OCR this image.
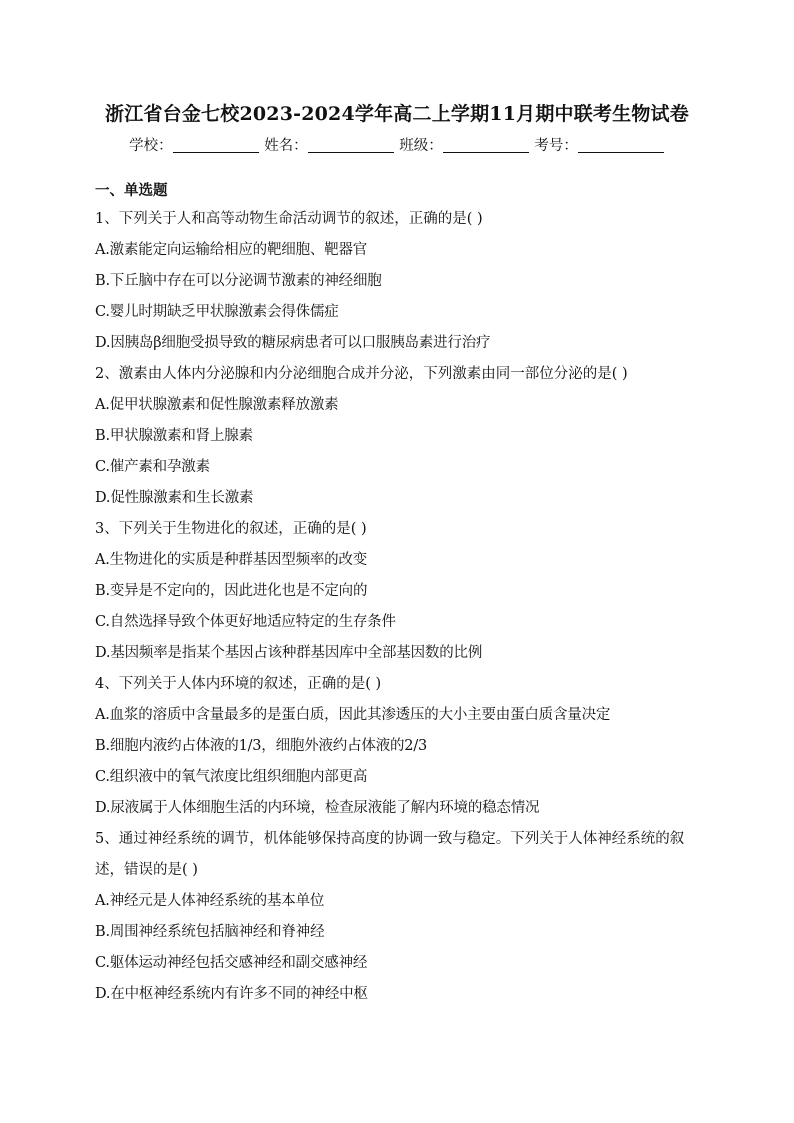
浙江省台金七校2023-2024学年高二上学期11月期中联考生物试卷
学校：	姓名：	班级：	考号：
一、单选题
1、下列关于人和高等动物生命活动调节的叙述，正确的是( )
A.激素能定向运输给相应的靶细胞、靶器官
B.下丘脑中存在可以分泌调节激素的神经细胞
C.婴儿时期缺乏甲状腺激素会得侏儒症
D.因胰岛β细胞受损导致的糖尿病患者可以口服胰岛素进行治疗
2、激素由人体内分泌腺和内分泌细胞合成并分泌，下列激素由同一部位分泌的是( )
A.促甲状腺激素和促性腺激素释放激素
B.甲状腺激素和肾上腺素
C.催产素和孕激素
D.促性腺激素和生长激素
3、下列关于生物进化的叙述，正确的是( )
A.生物进化的实质是种群基因型频率的改变
B.变异是不定向的，因此进化也是不定向的
C.自然选择导致个体更好地适应特定的生存条件
D.基因频率是指某个基因占该种群基因库中全部基因数的比例
4、下列关于人体内环境的叙述，正确的是( )
A.血浆的溶质中含量最多的是蛋白质，因此其渗透压的大小主要由蛋白质含量决定
B.细胞内液约占体液的1/3，细胞外液约占体液的2/3
C.组织液中的氧气浓度比组织细胞内部更高
D.尿液属于人体细胞生活的内环境，检查尿液能了解内环境的稳态情况
5、通过神经系统的调节，机体能够保持高度的协调一致与稳定。下列关于人体神经系统的叙述，错误的是( )
A.神经元是人体神经系统的基本单位
B.周围神经系统包括脑神经和脊神经
C.躯体运动神经包括交感神经和副交感神经
D.在中枢神经系统内有许多不同的神经中枢
